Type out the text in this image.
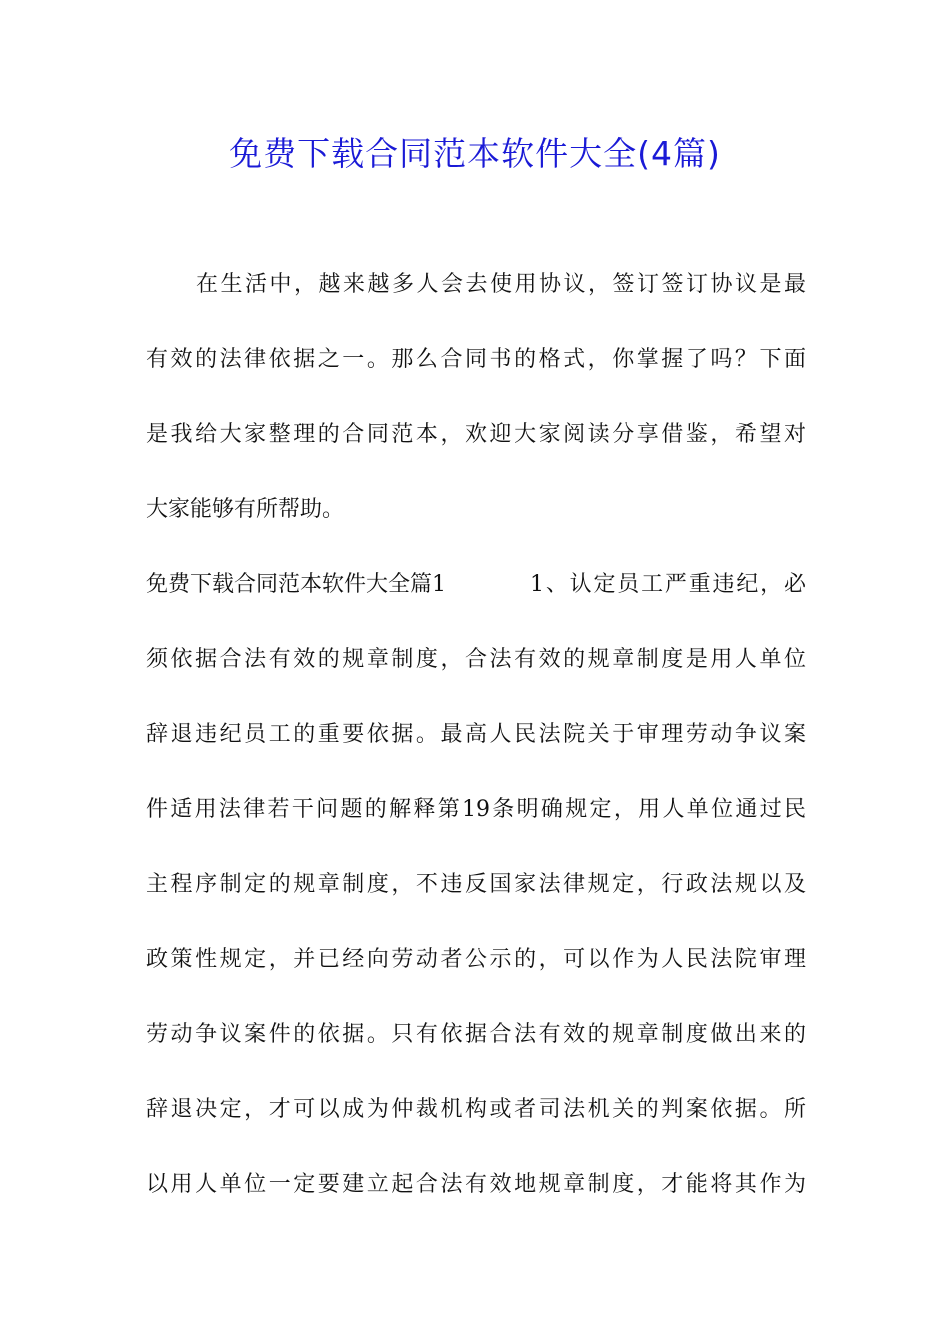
免费下载合同范本软件大全(4篇)
在生活中，越来越多人会去使用协议，签订签订协议是最
有效的法律依据之一。那么合同书的格式，你掌握了吗？下面
是我给大家整理的合同范本，欢迎大家阅读分享借鉴，希望对
大家能够有所帮助。
免费下载合同范本软件大全篇1	1、认定员工严重违纪，必
须依据合法有效的规章制度，合法有效的规章制度是用人单位
辞退违纪员工的重要依据。最高人民法院关于审理劳动争议案
件适用法律若干问题的解释第19条明确规定，用人单位通过民
主程序制定的规章制度，不违反国家法律规定，行政法规以及
政策性规定，并已经向劳动者公示的，可以作为人民法院审理
劳动争议案件的依据。只有依据合法有效的规章制度做出来的
辞退决定，才可以成为仲裁机构或者司法机关的判案依据。所
以用人单位一定要建立起合法有效地规章制度，才能将其作为
